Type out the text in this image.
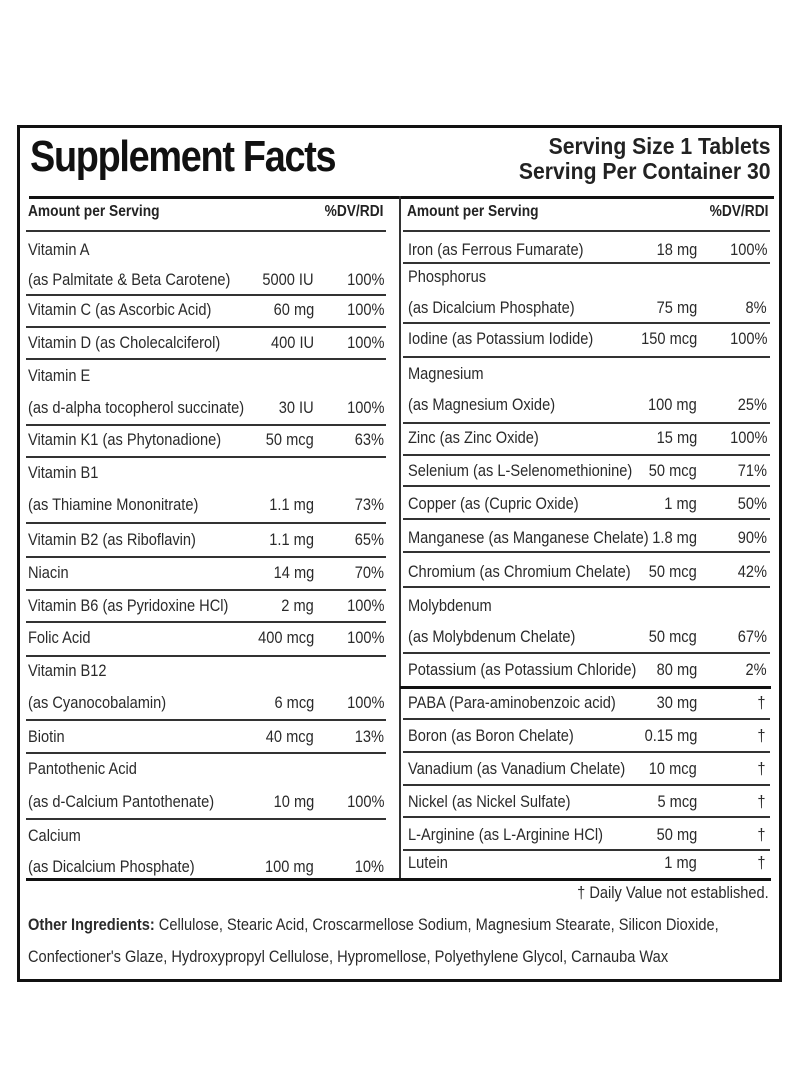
Supplement Facts	Serving Size 1 Tablets
Serving Per Container 30
Amount per Serving	%DV/RDI Amount per Serving	%DV/RDI
Vitamin A
(as Palmitate & Beta Carotene) 5000 IU 100%
Vitamin C (as Ascorbic Acid)	60 mg 100%
Vitamin D (as Cholecalciferol)	400 IU 100%
Vitamin E
(as d-alpha tocopherol succinate) 30 IU 100%
Vitamin K1 (as Phytonadione)	50 mcg 63%
Vitamin B1
(as Thiamine Mononitrate)	1.1 mg 73%
Vitamin B2 (as Riboflavin)	1.1 mg 65%
Niacin	14 mg 70%
Vitamin B6 (as Pyridoxine HCl)	2 mg 100%
Folic Acid	400 mcg 100%
Vitamin B12
(as Cyanocobalamin)	6 mcg 100%
Biotin	40 mcg 13%
Pantothenic Acid
(as d-Calcium Pantothenate)	10 mg 100%
Calcium
(as Dicalcium Phosphate)	100 mg 10%
Iron (as Ferrous Fumarate)	18 mg 100%
Phosphorus
(as Dicalcium Phosphate)	75 mg	8%
Iodine (as Potassium Iodide)	150 mcg 100%
Magnesium
(as Magnesium Oxide)	100 mg 25%
Zinc (as Zinc Oxide)	15 mg 100%
Selenium (as L-Selenomethionine) 50 mcg 71%
Copper (as (Cupric Oxide)	1 mg 50%
Manganese (as Manganese Chelate) 1.8 mg 90%
Chromium (as Chromium Chelate) 50 mcg 42%
Molybdenum
(as Molybdenum Chelate)	50 mcg 67%
Potassium (as Potassium Chloride) 80 mg	2%
PABA (Para-aminobenzoic acid) 30 mg	†
Boron (as Boron Chelate)	0.15 mg	†
Vanadium (as Vanadium Chelate) 10 mcg	†
Nickel (as Nickel Sulfate)	5 mcg	†
L-Arginine (as L-Arginine HCl)	50 mg	†
Lutein	1 mg	†
† Daily Value not established.
Other Ingredients: Cellulose, Stearic Acid, Croscarmellose Sodium, Magnesium Stearate, Silicon Dioxide,
Confectioner's Glaze, Hydroxypropyl Cellulose, Hypromellose, Polyethylene Glycol, Carnauba Wax
